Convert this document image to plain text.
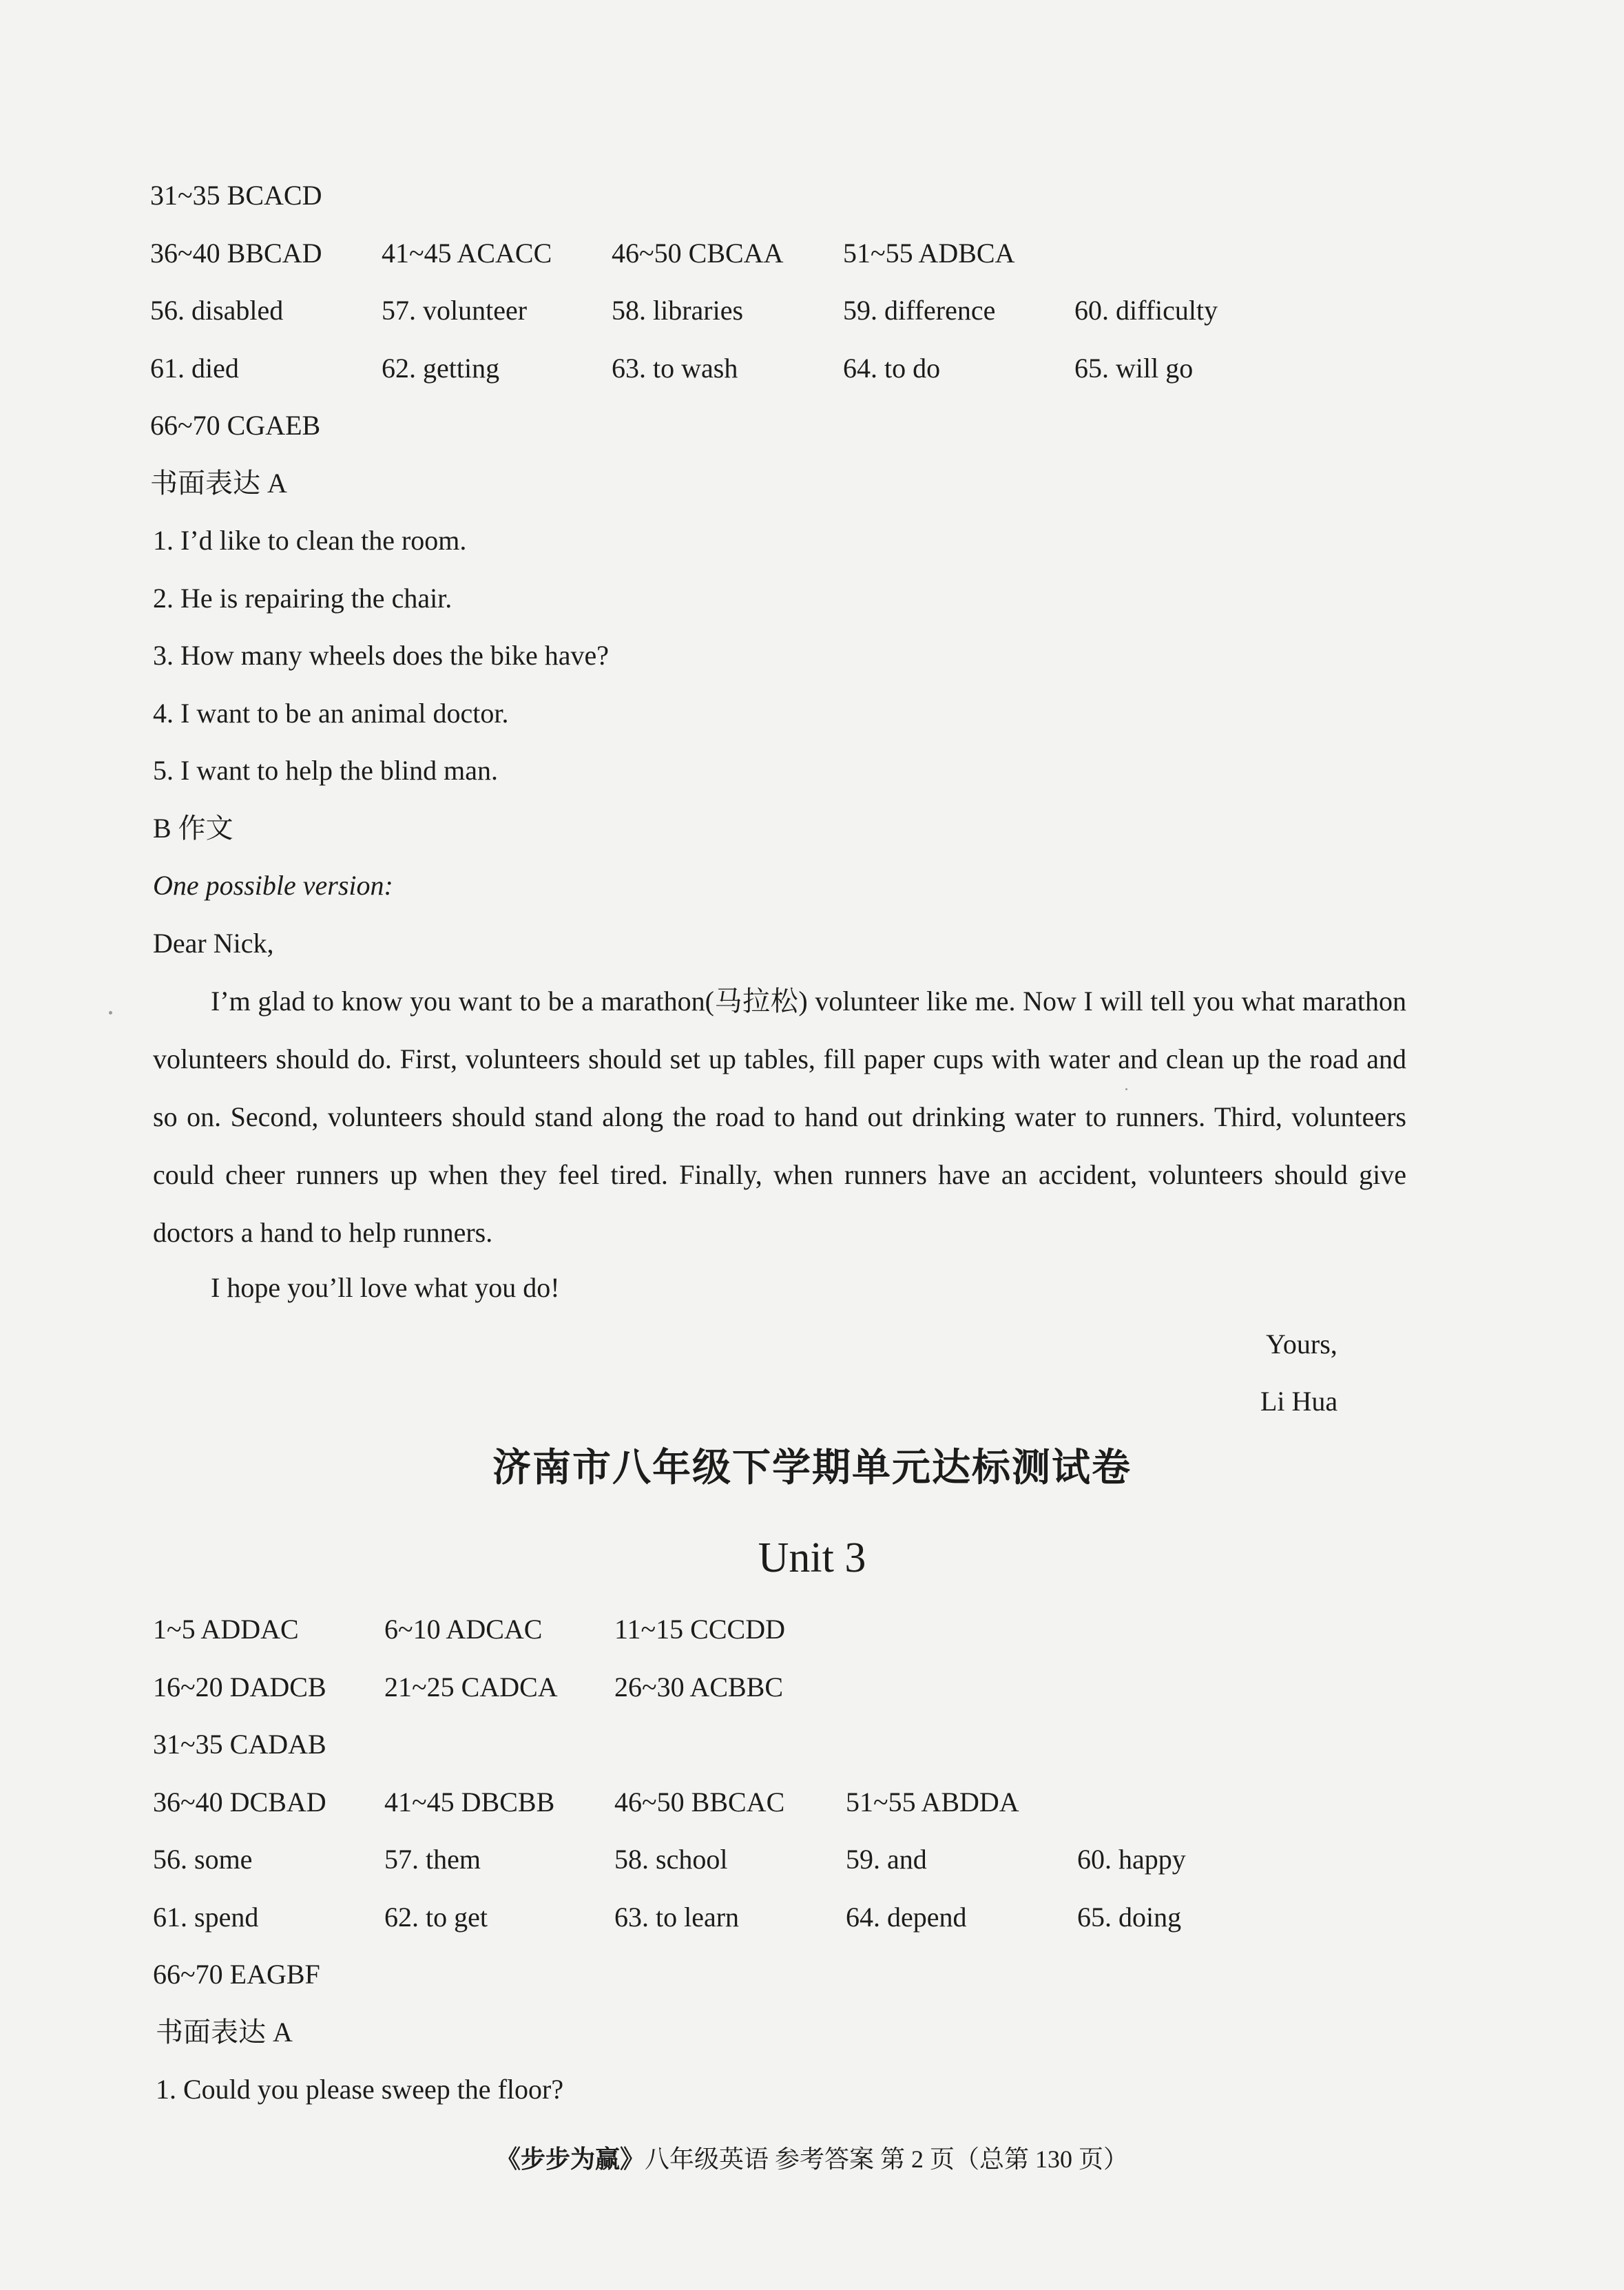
31~35 BCACD
36~40 BBCAD 41~45 ACACC 46~50 CBCAA 51~55 ADBCA
56. disabled	57. volunteer	58. libraries	59. difference	60. difficulty
61. died	62. getting	63. to wash	64. to do	65. will go
66~70 CGAEB
书面表达 A
1. I’d like to clean the room.
2. He is repairing the chair.
3. How many wheels does the bike have?
4. I want to be an animal doctor.
5. I want to help the blind man.
B 作文
One possible version:
Dear Nick,

I’m glad to know you want to be a marathon(马拉松) volunteer like me. Now I will tell you what marathon volunteers should do. First, volunteers should set up tables, fill paper cups with water and clean up the road and so on. Second, volunteers should stand along the road to hand out drinking water to runners. Third, volunteers could cheer runners up when they feel tired. Finally, when runners have an accident, volunteers should give doctors a hand to help runners.

I hope you’ll love what you do!
Yours,
Li Hua
济南市八年级下学期单元达标测试卷
Unit 3
1~5 ADDAC	6~10 ADCAC	11~15 CCCDD
16~20 DADCB 21~25 CADCA 26~30 ACBBC
31~35 CADAB
36~40 DCBAD 41~45 DBCBB 46~50 BBCAC 51~55 ABDDA
56. some	57. them	58. school	59. and	60. happy
61. spend	62. to get	63. to learn	64. depend	65. doing
66~70 EAGBF
书面表达 A
1. Could you please sweep the floor?
《步步为赢》八年级英语 参考答案 第 2 页（总第 130 页）
